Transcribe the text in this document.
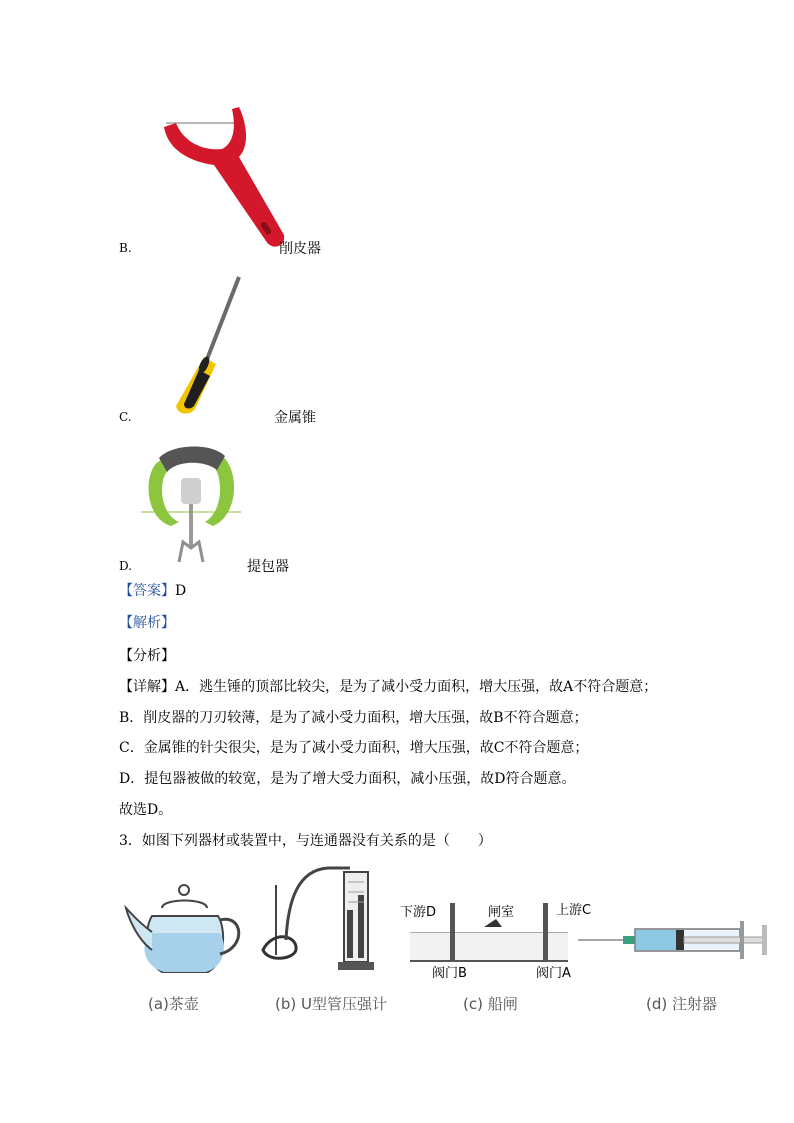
B.	削皮器
C.	金属锥
D.	提包器
【答案】D
【解析】
【分析】
【详解】A．逃生锤的顶部比较尖，是为了减小受力面积，增大压强，故A不符合题意；
B．削皮器的刀刃较薄，是为了减小受力面积，增大压强，故B不符合题意；
C．金属锥的针尖很尖，是为了减小受力面积，增大压强，故C不符合题意；
D．提包器被做的较宽，是为了增大受力面积，减小压强，故D符合题意。
故选D。
3．如图下列器材或装置中，与连通器没有关系的是（　　）
(a)茶壶	(b) U型管压强计
下游D	闸室	上游C
阀门B	阀门A
(c) 船闸	(d) 注射器
